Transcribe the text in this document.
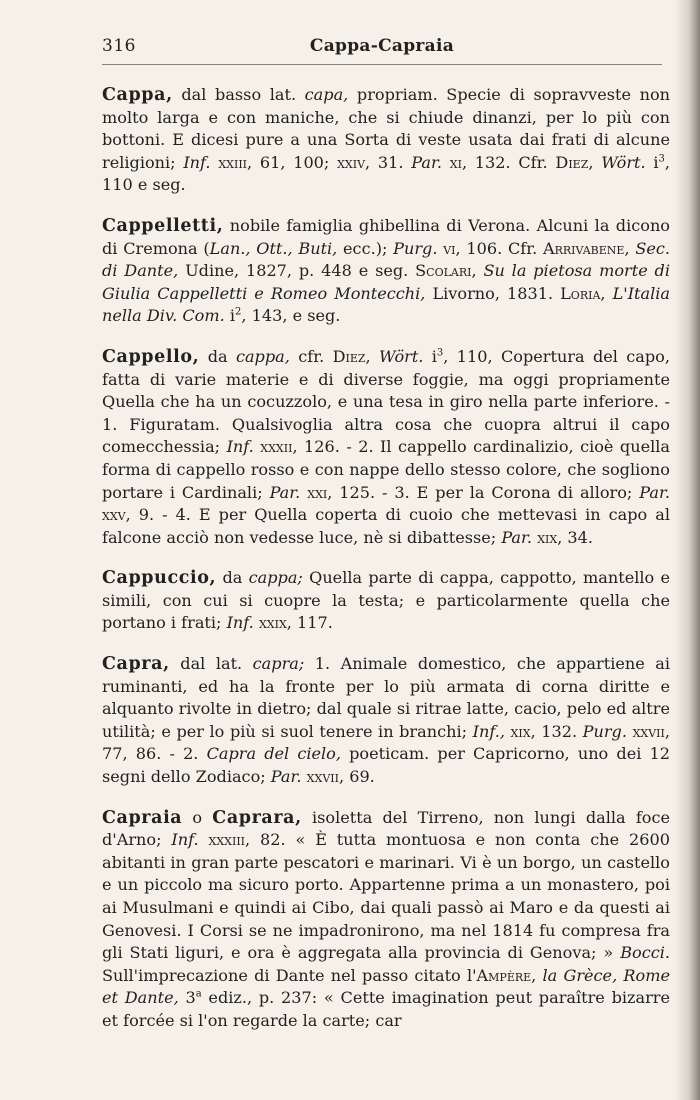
316	Cappa-Capraia

Cappa, dal basso lat. capa, propriam. Specie di sopravveste non molto larga e con maniche, che si chiude dinanzi, per lo più con bottoni. E dicesi pure a una Sorta di veste usata dai frati di alcune religioni; Inf. xxiii, 61, 100; xxiv, 31. Par. xi, 132. Cfr. Diez, Wört. $i^3$, 110 e seg.

Cappelletti, nobile famiglia ghibellina di Verona. Alcuni la dicono di Cremona (Lan., Ott., Buti, ecc.); Purg. vi, 106. Cfr. Arrivabene, Sec. di Dante, Udine, 1827, p. 448 e seg. Scolari, Su la pietosa morte di Giulia Cappelletti e Romeo Montecchi, Livorno, 1831. Loria, L'Italia nella Div. Com. $i^2$, 143, e seg.

Cappello, da cappa, cfr. Diez, Wört. $i^3$, 110, Copertura del capo, fatta di varie materie e di diverse foggie, ma oggi propriamente Quella che ha un cocuzzolo, e una tesa in giro nella parte inferiore. - 1. Figuratam. Qualsivoglia altra cosa che cuopra altrui il capo comecchessia; Inf. xxxii, 126. - 2. Il cappello cardinalizio, cioè quella forma di cappello rosso e con nappe dello stesso colore, che sogliono portare i Cardinali; Par. xxi, 125. - 3. E per la Corona di alloro; Par. xxv, 9. - 4. E per Quella coperta di cuoio che mettevasi in capo al falcone acciò non vedesse luce, nè si dibattesse; Par. xix, 34.

Cappuccio, da cappa; Quella parte di cappa, cappotto, mantello e simili, con cui si cuopre la testa; e particolarmente quella che portano i frati; Inf. xxix, 117.

Capra, dal lat. capra; 1. Animale domestico, che appartiene ai ruminanti, ed ha la fronte per lo più armata di corna diritte e alquanto rivolte in dietro; dal quale si ritrae latte, cacio, pelo ed altre utilità; e per lo più si suol tenere in branchi; Inf., xix, 132. Purg. xxvii, 77, 86. - 2. Capra del cielo, poeticam. per Capricorno, uno dei 12 segni dello Zodiaco; Par. xxvii, 69.

Capraia o Caprara, isoletta del Tirreno, non lungi dalla foce d'Arno; Inf. xxxiii, 82. « È tutta montuosa e non conta che 2600 abitanti in gran parte pescatori e marinari. Vi è un borgo, un castello e un piccolo ma sicuro porto. Appartenne prima a un monastero, poi ai Musulmani e quindi ai Cibo, dai quali passò ai Maro e da questi ai Genovesi. I Corsi se ne impadronirono, ma nel 1814 fu compresa fra gli Stati liguri, e ora è aggregata alla provincia di Genova; » Bocci. Sull'imprecazione di Dante nel passo citato l'Ampère, la Grèce, Rome et Dante, 3$^a$ ediz., p. 237: « Cette imagination peut paraître bizarre et forcée si l'on regarde la carte; car
